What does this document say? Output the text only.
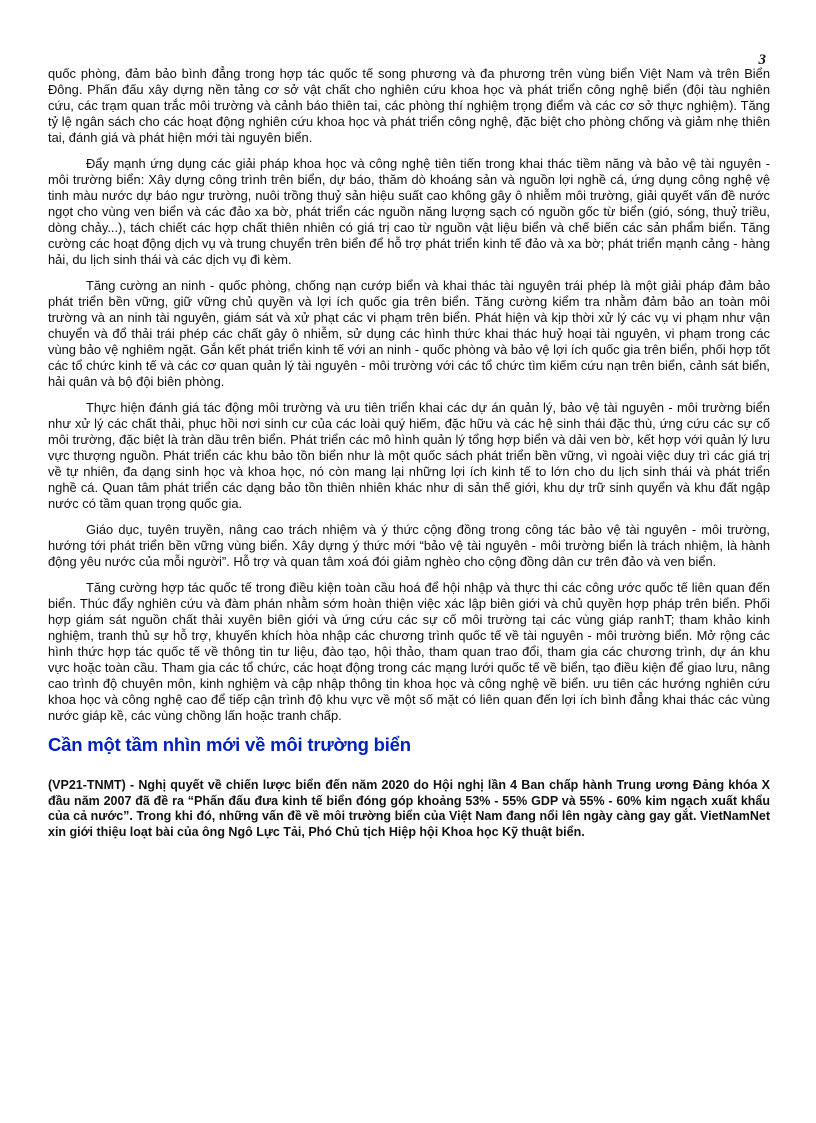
3

quốc phòng, đảm bảo bình đẳng trong hợp tác quốc tế song phương và đa phương trên vùng biển Việt Nam và trên Biển Đông. Phấn đấu xây dựng nền tảng cơ sở vật chất cho nghiên cứu khoa học và phát triển công nghệ biển (đội tàu nghiên cứu, các trạm quan trắc môi trường và cảnh báo thiên tai, các phòng thí nghiệm trọng điểm và các cơ sở thực nghiệm). Tăng tỷ lệ ngân sách cho các hoạt động nghiên cứu khoa học và phát triển công nghệ, đặc biệt cho phòng chống và giảm nhẹ thiên tai, đánh giá và phát hiện mới tài nguyên biển.

Đẩy mạnh ứng dụng các giải pháp khoa học và công nghệ tiên tiến trong khai thác tiềm năng và bảo vệ tài nguyên - môi trường biển: Xây dựng công trình trên biển, dự báo, thăm dò khoáng sản và nguồn lợi nghề cá, ứng dụng công nghệ vệ tinh màu nước dự báo ngư trường, nuôi trồng thuỷ sản hiệu suất cao không gây ô nhiễm môi trường, giải quyết vấn đề nước ngọt cho vùng ven biển và các đảo xa bờ, phát triển các nguồn năng lượng sạch có nguồn gốc từ biển (gió, sóng, thuỷ triều, dòng chảy...), tách chiết các hợp chất thiên nhiên có giá trị cao từ nguồn vật liệu biển và chế biến các sản phẩm biển. Tăng cường các hoạt động dịch vụ và trung chuyển trên biển để hỗ trợ phát triển kinh tế đảo và xa bờ; phát triển mạnh cảng - hàng hải, du lịch sinh thái và các dịch vụ đi kèm.

Tăng cường an ninh - quốc phòng, chống nạn cướp biển và khai thác tài nguyên trái phép là một giải pháp đảm bảo phát triển bền vững, giữ vững chủ quyền và lợi ích quốc gia trên biển. Tăng cường kiểm tra nhằm đảm bảo an toàn môi trường và an ninh tài nguyên, giám sát và xử phạt các vi phạm trên biển. Phát hiện và kịp thời xử lý các vụ vi phạm như vận chuyển và đổ thải trái phép các chất gây ô nhiễm, sử dụng các hình thức khai thác huỷ hoại tài nguyên, vi phạm trong các vùng bảo vệ nghiêm ngặt. Gắn kết phát triển kinh tế với an ninh - quốc phòng và bảo vệ lợi ích quốc gia trên biển, phối hợp tốt các tổ chức kinh tế và các cơ quan quản lý tài nguyên - môi trường với các tổ chức tìm kiếm cứu nạn trên biển, cảnh sát biển, hải quân và bộ đội biên phòng.

Thực hiện đánh giá tác động môi trường và ưu tiên triển khai các dự án quản lý, bảo vệ tài nguyên - môi trường biển như xử lý các chất thải, phục hồi nơi sinh cư của các loài quý hiếm, đặc hữu và các hệ sinh thái đặc thù, ứng cứu các sự cố môi trường, đặc biệt là tràn dầu trên biển. Phát triển các mô hình quản lý tổng hợp biển và dải ven bờ, kết hợp với quản lý lưu vực thượng nguồn. Phát triển các khu bảo tồn biển như là một quốc sách phát triển bền vững, vì ngoài việc duy trì các giá trị về tự nhiên, đa dạng sinh học và khoa học, nó còn mang lại những lợi ích kinh tế to lớn cho du lịch sinh thái và phát triển nghề cá. Quan tâm phát triển các dạng bảo tồn thiên nhiên khác như di sản thế giới, khu dự trữ sinh quyển và khu đất ngập nước có tầm quan trọng quốc gia.

Giáo dục, tuyên truyền, nâng cao trách nhiệm và ý thức cộng đồng trong công tác bảo vệ tài nguyên - môi trường, hướng tới phát triển bền vững vùng biển. Xây dựng ý thức mới “bảo vệ tài nguyên - môi trường biển là trách nhiệm, là hành động yêu nước của mỗi người”. Hỗ trợ và quan tâm xoá đói giảm nghèo cho cộng đồng dân cư trên đảo và ven biển.

Tăng cường hợp tác quốc tế trong điều kiện toàn cầu hoá để hội nhập và thực thi các công ước quốc tế liên quan đến biển. Thúc đẩy nghiên cứu và đàm phán nhằm sớm hoàn thiện việc xác lập biên giới và chủ quyền hợp pháp trên biển. Phối hợp giám sát nguồn chất thải xuyên biên giới và ứng cứu các sự cố môi trường tại các vùng giáp ranhT; tham khảo kinh nghiệm, tranh thủ sự hỗ trợ, khuyến khích hòa nhập các chương trình quốc tế về tài nguyên - môi trường biển. Mở rộng các hình thức hợp tác quốc tế về thông tin tư liệu, đào tạo, hội thảo, tham quan trao đổi, tham gia các chương trình, dự án khu vực hoặc toàn cầu. Tham gia các tổ chức, các hoạt động trong các mạng lưới quốc tế về biển, tạo điều kiện để giao lưu, nâng cao trình độ chuyên môn, kinh nghiệm và cập nhập thông tin khoa học và công nghệ về biển. ưu tiên các hướng nghiên cứu khoa học và công nghệ cao để tiếp cận trình độ khu vực về một số mặt có liên quan đến lợi ích bình đẳng khai thác các vùng nước giáp kề, các vùng chồng lấn hoặc tranh chấp.

Cần một tầm nhìn mới về môi trường biển

(VP21-TNMT) - Nghị quyết về chiến lược biển đến năm 2020 do Hội nghị lần 4 Ban chấp hành Trung ương Đảng khóa X đầu năm 2007 đã đề ra “Phấn đấu đưa kinh tế biển đóng góp khoảng 53% - 55% GDP và 55% - 60% kim ngạch xuất khẩu của cả nước”. Trong khi đó, những vấn đề về môi trường biển của Việt Nam đang nổi lên ngày càng gay gắt. VietNamNet xin giới thiệu loạt bài của ông Ngô Lực Tải, Phó Chủ tịch Hiệp hội Khoa học Kỹ thuật biển.
